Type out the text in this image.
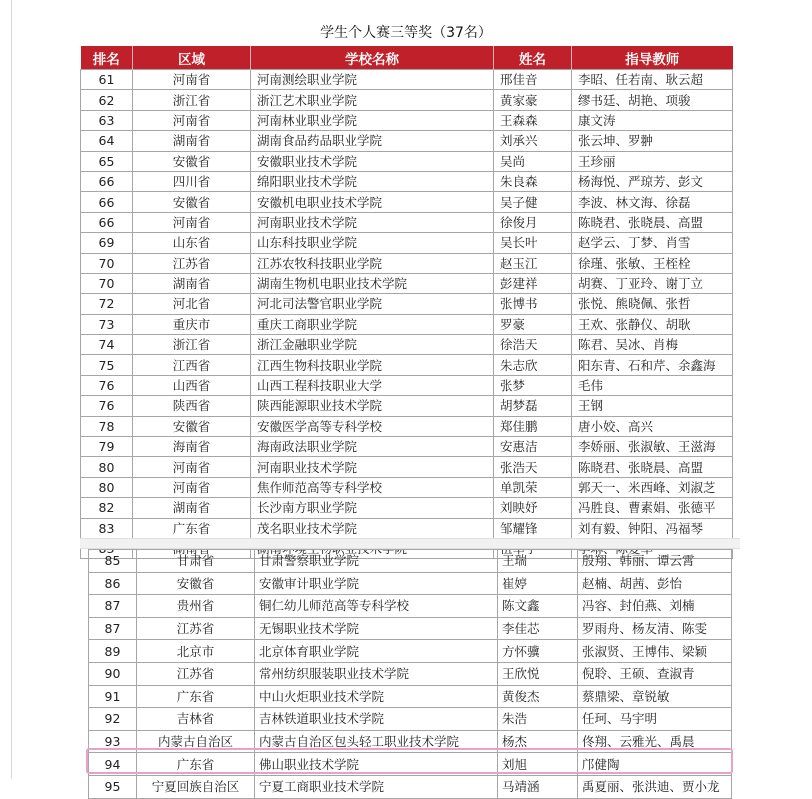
学生个人赛三等奖（37名）
排名	区域	学校名称	姓名	指导教师
61	河南省	河南测绘职业学院	邢佳音	李昭、任若南、耿云超
62	浙江省	浙江艺术职业学院	黄家豪	缪书廷、胡艳、项骏
63	河南省	河南林业职业学院	王森森	康文涛
64	湖南省	湖南食品药品职业学院	刘承兴	张云坤、罗翀
65	安徽省	安徽职业技术学院	吴尚	王珍丽
66	四川省	绵阳职业技术学院	朱良森	杨海悦、严琼芳、彭文
66	安徽省	安徽机电职业技术学院	吴子健	李波、林文海、徐磊
66	河南省	河南职业技术学院	徐俊月	陈晓君、张晓晨、高盟
69	山东省	山东科技职业学院	吴长叶	赵学云、丁梦、肖雪
70	江苏省	江苏农牧科技职业学院	赵玉江	徐瑾、张敏、王桎栓
70	湖南省	湖南生物机电职业技术学院	彭建祥	胡赛、丁亚玲、谢丁立
72	河北省	河北司法警官职业学院	张博书	张悦、熊晓佩、张哲
73	重庆市	重庆工商职业学院	罗豪	王欢、张静仪、胡耿
74	浙江省	浙江金融职业学院	徐浩天	陈君、吴冰、肖梅
75	江西省	江西生物科技职业学院	朱志欣	阳东青、石和芹、余鑫海
76	山西省	山西工程科技职业大学	张梦	毛伟
76	陕西省	陕西能源职业技术学院	胡梦磊	王钢
78	安徽省	安徽医学高等专科学校	郑佳鹏	唐小姣、高兴
79	海南省	海南政法职业学院	安惠洁	李娇丽、张淑敏、王滋海
80	河南省	河南职业技术学院	张浩天	陈晓君、张晓晨、高盟
80	河南省	焦作师范高等专科学校	单凯荣	郭天一、米西峰、刘淑芝
82	湖南省	长沙南方职业学院	刘映妤	冯胜良、曹素娟、张德平
83	广东省	茂名职业技术学院	邹耀锋	刘有毅、钟阳、冯福琴

85	甘肃省	甘肃警察职业学院	王瑞	殷翔、韩丽、谭云霄
86	安徽省	安徽审计职业学院	崔婷	赵楠、胡茜、彭怡
87	贵州省	铜仁幼儿师范高等专科学校	陈文鑫	冯容、封伯燕、刘楠
87	江苏省	无锡职业技术学院	李佳芯	罗雨舟、杨友清、陈雯
89	北京市	北京体育职业学院	方怀骥	张淑贤、王博伟、梁颖
90	江苏省	常州纺织服装职业技术学院	王欣悦	倪聆、王硕、查淑青
91	广东省	中山火炬职业技术学院	黄俊杰	蔡鼎梁、章锐敏
92	吉林省	吉林铁道职业技术学院	朱浩	任珂、马宇明
93	内蒙古自治区	内蒙古自治区包头轻工职业技术学院	杨杰	佟翔、云雅光、禹晨
94	广东省	佛山职业技术学院	刘旭	邝健陶
95	宁夏回族自治区	宁夏工商职业技术学院	马靖涵	禹夏丽、张洪迪、贾小龙
